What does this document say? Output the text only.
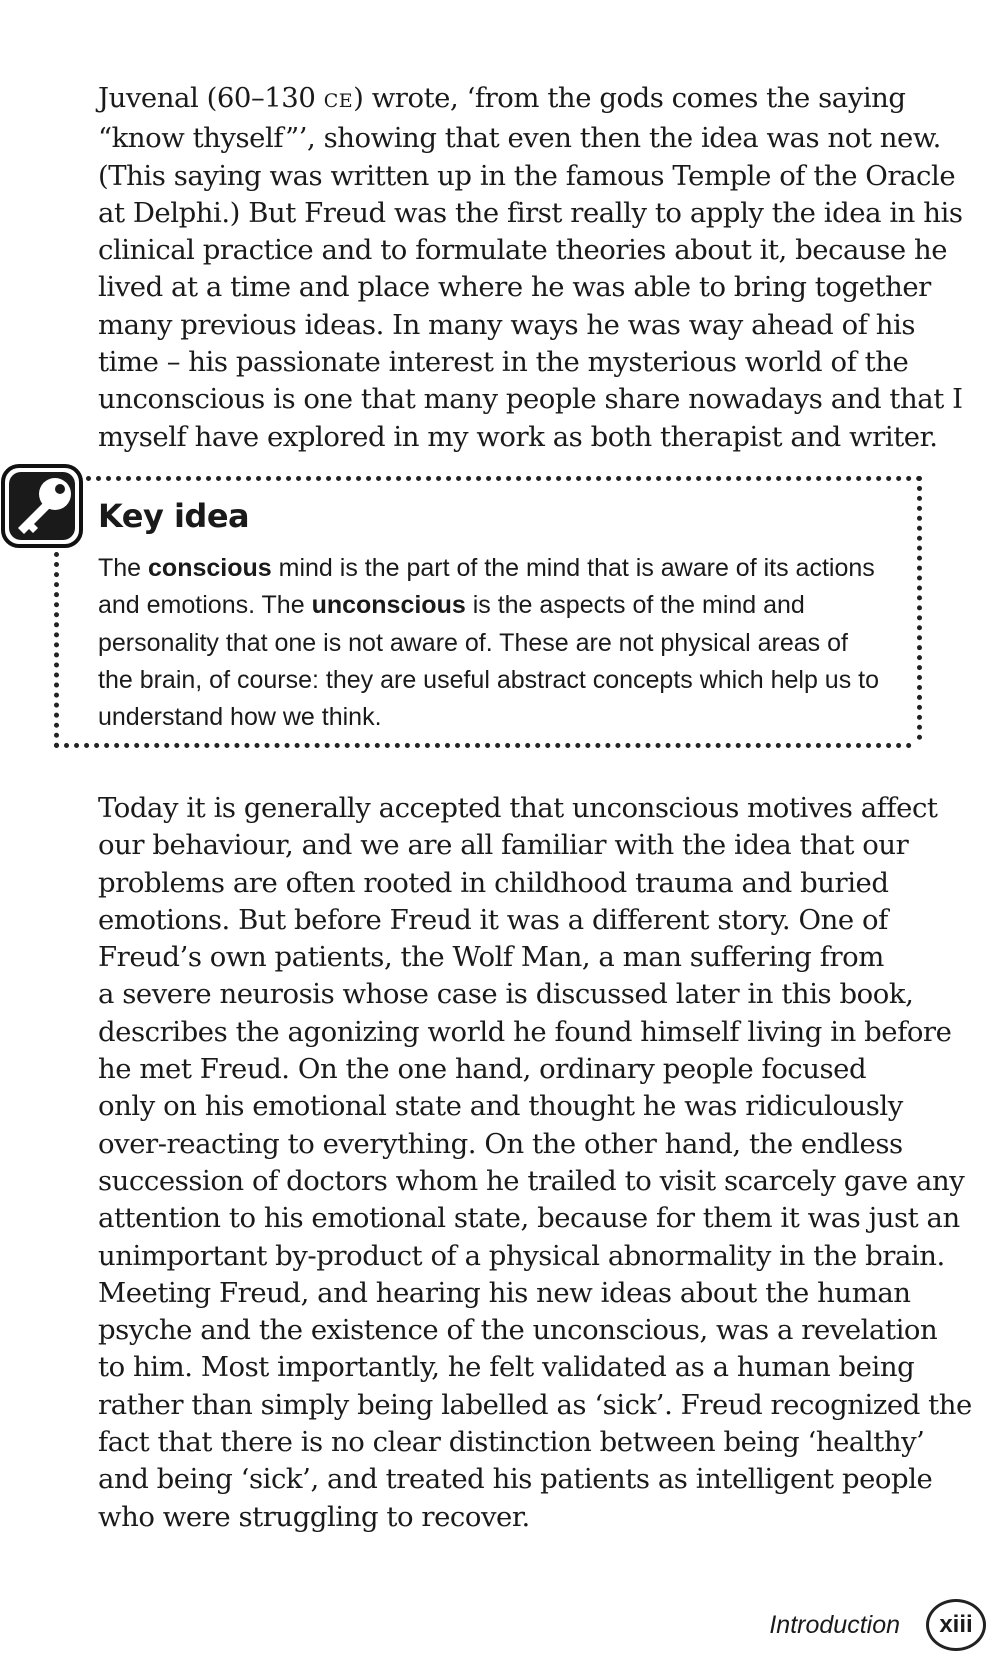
Juvenal (60–130 CE) wrote, ‘from the gods comes the saying
“know thyself”’, showing that even then the idea was not new.
(This saying was written up in the famous Temple of the Oracle
at Delphi.) But Freud was the first really to apply the idea in his
clinical practice and to formulate theories about it, because he
lived at a time and place where he was able to bring together
many previous ideas. In many ways he was way ahead of his
time – his passionate interest in the mysterious world of the
unconscious is one that many people share nowadays and that I
myself have explored in my work as both therapist and writer.

Key idea

The conscious mind is the part of the mind that is aware of its actions
and emotions. The unconscious is the aspects of the mind and
personality that one is not aware of. These are not physical areas of
the brain, of course: they are useful abstract concepts which help us to
understand how we think.

Today it is generally accepted that unconscious motives affect
our behaviour, and we are all familiar with the idea that our
problems are often rooted in childhood trauma and buried
emotions. But before Freud it was a different story. One of
Freud’s own patients, the Wolf Man, a man suffering from
a severe neurosis whose case is discussed later in this book,
describes the agonizing world he found himself living in before
he met Freud. On the one hand, ordinary people focused
only on his emotional state and thought he was ridiculously
over-reacting to everything. On the other hand, the endless
succession of doctors whom he trailed to visit scarcely gave any
attention to his emotional state, because for them it was just an
unimportant by-product of a physical abnormality in the brain.
Meeting Freud, and hearing his new ideas about the human
psyche and the existence of the unconscious, was a revelation
to him. Most importantly, he felt validated as a human being
rather than simply being labelled as ‘sick’. Freud recognized the
fact that there is no clear distinction between being ‘healthy’
and being ‘sick’, and treated his patients as intelligent people
who were struggling to recover.

Introduction	xiii
